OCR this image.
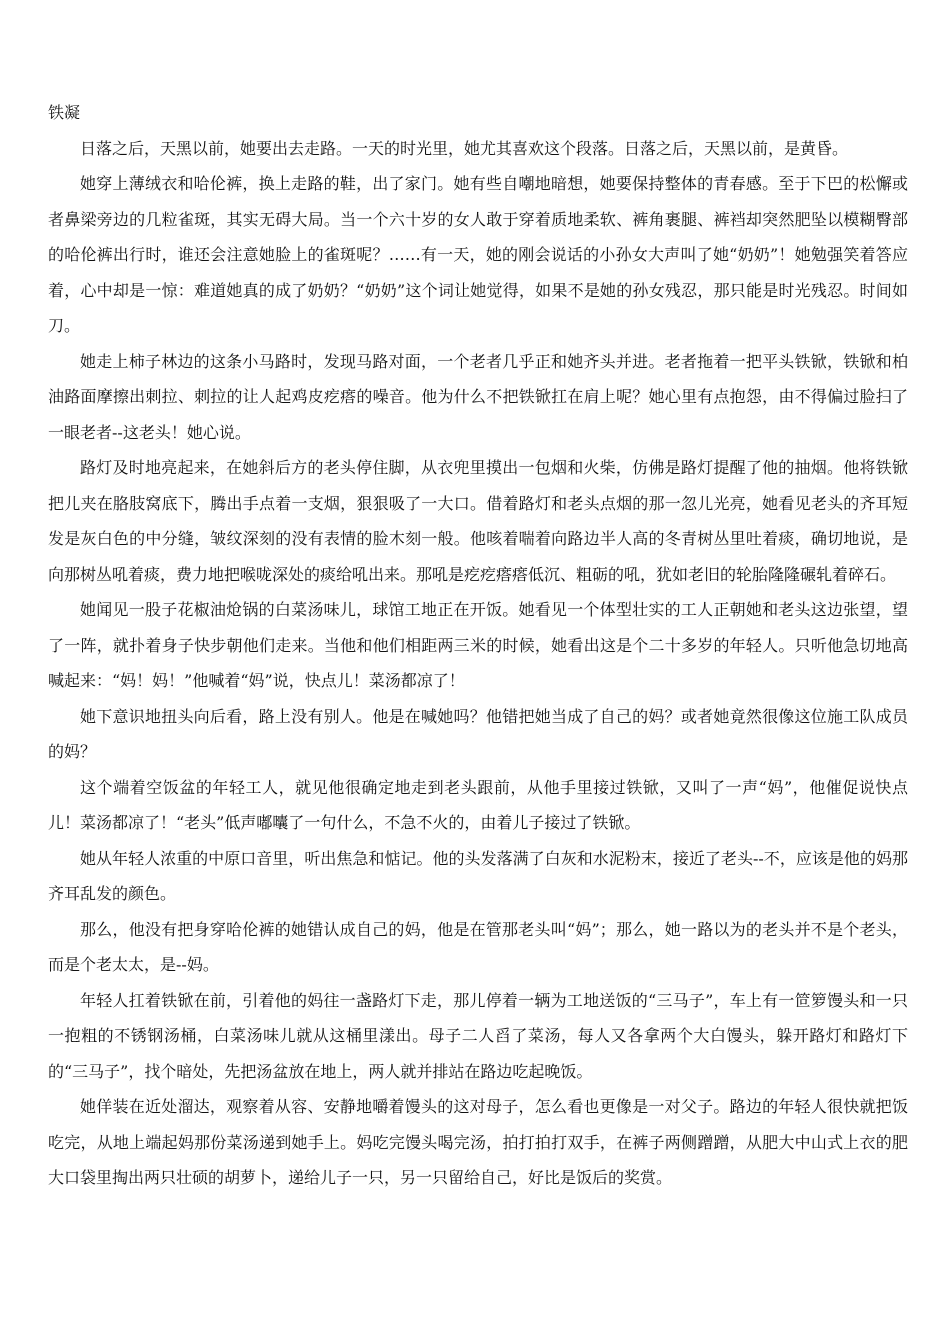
铁凝

日落之后，天黑以前，她要出去走路。一天的时光里，她尤其喜欢这个段落。日落之后，天黑以前，是黄昏。

她穿上薄绒衣和哈伦裤，换上走路的鞋，出了家门。她有些自嘲地暗想，她要保持整体的青春感。至于下巴的松懈或者鼻梁旁边的几粒雀斑，其实无碍大局。当一个六十岁的女人敢于穿着质地柔软、裤角裹腿、裤裆却突然肥坠以模糊臀部的哈伦裤出行时，谁还会注意她脸上的雀斑呢？……有一天，她的刚会说话的小孙女大声叫了她“奶奶”！她勉强笑着答应着，心中却是一惊：难道她真的成了奶奶？“奶奶”这个词让她觉得，如果不是她的孙女残忍，那只能是时光残忍。时间如刀。

她走上柿子林边的这条小马路时，发现马路对面，一个老者几乎正和她齐头并进。老者拖着一把平头铁锨，铁锨和柏油路面摩擦出刺拉、刺拉的让人起鸡皮疙瘩的噪音。他为什么不把铁锨扛在肩上呢？她心里有点抱怨，由不得偏过脸扫了一眼老者--这老头！她心说。

路灯及时地亮起来，在她斜后方的老头停住脚，从衣兜里摸出一包烟和火柴，仿佛是路灯提醒了他的抽烟。他将铁锨把儿夹在胳肢窝底下，腾出手点着一支烟，狠狠吸了一大口。借着路灯和老头点烟的那一忽儿光亮，她看见老头的齐耳短发是灰白色的中分缝，皱纹深刻的没有表情的脸木刻一般。他咳着喘着向路边半人高的冬青树丛里吐着痰，确切地说，是向那树丛吼着痰，费力地把喉咙深处的痰给吼出来。那吼是疙疙瘩瘩低沉、粗砺的吼，犹如老旧的轮胎隆隆碾轧着碎石。

她闻见一股子花椒油炝锅的白菜汤味儿，球馆工地正在开饭。她看见一个体型壮实的工人正朝她和老头这边张望，望了一阵，就扑着身子快步朝他们走来。当他和他们相距两三米的时候，她看出这是个二十多岁的年轻人。只听他急切地高喊起来：“妈！妈！”他喊着“妈”说，快点儿！菜汤都凉了！

她下意识地扭头向后看，路上没有别人。他是在喊她吗？他错把她当成了自己的妈？或者她竟然很像这位施工队成员的妈？

这个端着空饭盆的年轻工人，就见他很确定地走到老头跟前，从他手里接过铁锨，又叫了一声“妈”，他催促说快点儿！菜汤都凉了！“老头”低声嘟囔了一句什么，不急不火的，由着儿子接过了铁锨。

她从年轻人浓重的中原口音里，听出焦急和惦记。他的头发落满了白灰和水泥粉末，接近了老头--不，应该是他的妈那齐耳乱发的颜色。

那么，他没有把身穿哈伦裤的她错认成自己的妈，他是在管那老头叫“妈”；那么，她一路以为的老头并不是个老头，而是个老太太，是--妈。

年轻人扛着铁锨在前，引着他的妈往一盏路灯下走，那儿停着一辆为工地送饭的“三马子”，车上有一笸箩馒头和一只一抱粗的不锈钢汤桶，白菜汤味儿就从这桶里漾出。母子二人舀了菜汤，每人又各拿两个大白馒头，躲开路灯和路灯下的“三马子”，找个暗处，先把汤盆放在地上，两人就并排站在路边吃起晚饭。

她佯装在近处溜达，观察着从容、安静地嚼着馒头的这对母子，怎么看也更像是一对父子。路边的年轻人很快就把饭吃完，从地上端起妈那份菜汤递到她手上。妈吃完馒头喝完汤，拍打拍打双手，在裤子两侧蹭蹭，从肥大中山式上衣的肥大口袋里掏出两只壮硕的胡萝卜，递给儿子一只，另一只留给自己，好比是饭后的奖赏。
